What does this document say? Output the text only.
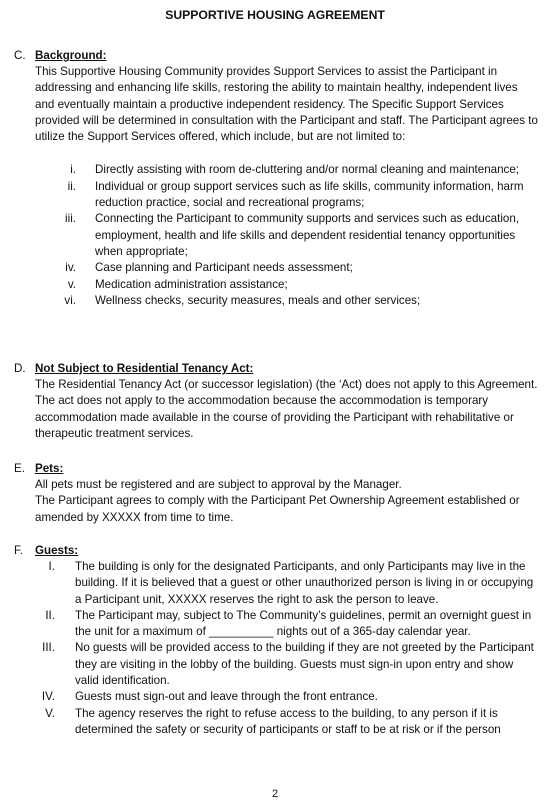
SUPPORTIVE HOUSING AGREEMENT
C. Background:
This Supportive Housing Community provides Support Services to assist the Participant in addressing and enhancing life skills, restoring the ability to maintain healthy, independent lives and eventually maintain a productive independent residency. The Specific Support Services provided will be determined in consultation with the Participant and staff. The Participant agrees to utilize the Support Services offered, which include, but are not limited to:
i. Directly assisting with room de-cluttering and/or normal cleaning and maintenance;
ii. Individual or group support services such as life skills, community information, harm reduction practice, social and recreational programs;
iii. Connecting the Participant to community supports and services such as education, employment, health and life skills and dependent residential tenancy opportunities when appropriate;
iv. Case planning and Participant needs assessment;
v. Medication administration assistance;
vi. Wellness checks, security measures, meals and other services;
D. Not Subject to Residential Tenancy Act:
The Residential Tenancy Act (or successor legislation) (the ‘Act) does not apply to this Agreement. The act does not apply to the accommodation because the accommodation is temporary accommodation made available in the course of providing the Participant with rehabilitative or therapeutic treatment services.
E. Pets:
All pets must be registered and are subject to approval by the Manager.
The Participant agrees to comply with the Participant Pet Ownership Agreement established or amended by XXXXX from time to time.
F. Guests:
I. The building is only for the designated Participants, and only Participants may live in the building. If it is believed that a guest or other unauthorized person is living in or occupying a Participant unit, XXXXX reserves the right to ask the person to leave.
II. The Participant may, subject to The Community’s guidelines, permit an overnight guest in the unit for a maximum of __________ nights out of a 365-day calendar year.
III. No guests will be provided access to the building if they are not greeted by the Participant they are visiting in the lobby of the building. Guests must sign-in upon entry and show valid identification.
IV. Guests must sign-out and leave through the front entrance.
V. The agency reserves the right to refuse access to the building, to any person if it is determined the safety or security of participants or staff to be at risk or if the person
2
